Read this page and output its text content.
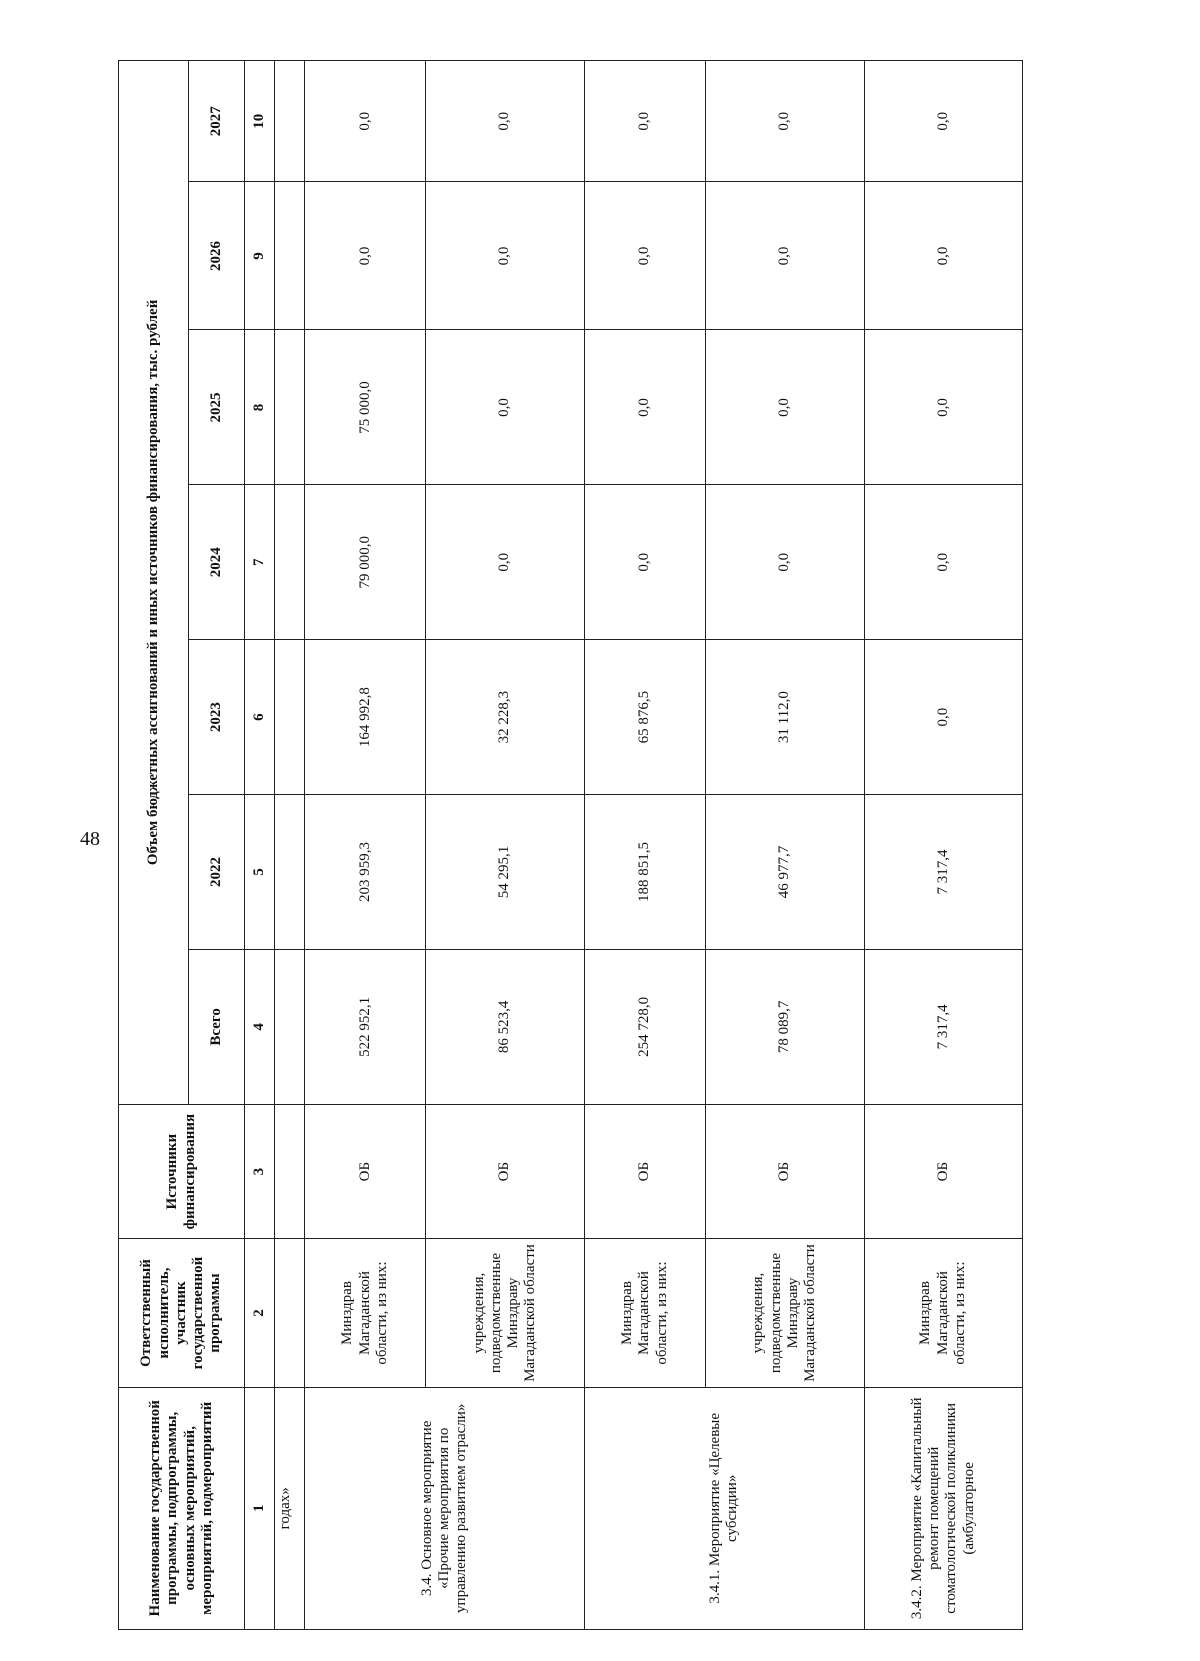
48
Наименование государственной программы, подпрограммы, основных мероприятий, мероприятий, подмероприятий	Ответственный исполнитель, участник государственной программы	Источники финансирования	Объем бюджетных ассигнований и иных источников финансирования, тыс. рублей						
			Всего	2022	2023	2024	2025	2026	2027
1	2	3	4	5	6	7	8	9	10
годах»									
3.4. Основное мероприятие «Прочие мероприятия по управлению развитием отрасли»	Минздрав Магаданской области, из них:	ОБ	522 952,1	203 959,3	164 992,8	79 000,0	75 000,0	0,0	0,0
	учреждения, подведомственные Минздраву Магаданской области	ОБ	86 523,4	54 295,1	32 228,3	0,0	0,0	0,0	0,0
3.4.1. Мероприятие «Целевые субсидии»	Минздрав Магаданской области, из них:	ОБ	254 728,0	188 851,5	65 876,5	0,0	0,0	0,0	0,0
	учреждения, подведомственные Минздраву Магаданской области	ОБ	78 089,7	46 977,7	31 112,0	0,0	0,0	0,0	0,0
3.4.2. Мероприятие «Капитальный ремонт помещений стоматологической поликлиники (амбулаторное	Минздрав Магаданской области, из них:	ОБ	7 317,4	7 317,4	0,0	0,0	0,0	0,0	0,0
